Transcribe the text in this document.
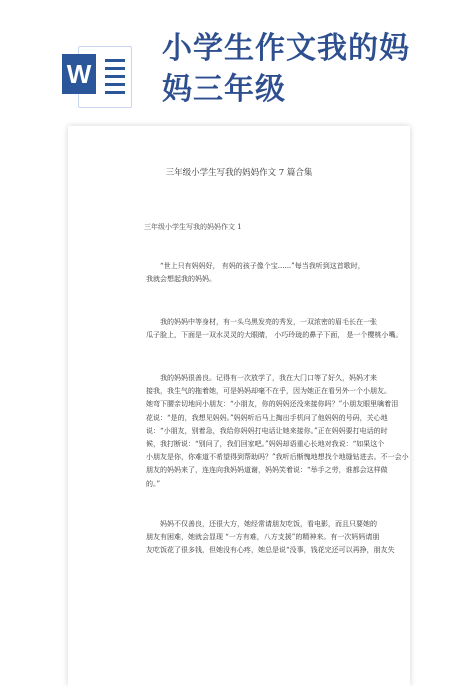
W
小学生作文我的妈
妈三年级
三年级小学生写我的妈妈作文 7 篇合集
三年级小学生写我的妈妈作文 1
“世上只有妈妈好， 有妈的孩子像个宝......”每当我听到这首歌时，
我就会想起我的妈妈。
我的妈妈中等身材，有一头乌黑发亮的秀发，一双浓密的眉毛长在一张
瓜子脸上，下面是一双水灵灵的大眼睛， 小巧玲珑的鼻子下面， 是一个樱桃小嘴。
我的妈妈很善良。记得有一次放学了，我在大门口等了好久，妈妈才来
接我，我生气的拖着她，可是妈妈却毫不在乎，因为她正在看另外一个小朋友。
她弯下腰亲切地问小朋友：“小朋友，你的妈妈还没来接你吗？”小朋友眼里噙着泪
花说：“是的，我想见妈妈。”妈妈听后马上掏出手机问了他妈妈的号码，关心地
说：“小朋友，别着急，我给你妈妈打电话让她来接你。”正在妈妈要打电话的时
候，我打断说：“别问了，我们回家吧。”妈妈却语重心长地对我说：“如果这个
小朋友是你，你难道不希望得到帮助吗？”我听后惭愧地想找个地缝钻进去。不一会小
朋友的妈妈来了，连连向我妈妈道谢，妈妈笑着说：“举手之劳，谁都会这样做
的。”
妈妈不仅善良，还很大方，她经常请朋友吃饭，看电影，而且只要她的
朋友有困难，她就会显现 “一方有难，八方支援”的精神来。有一次妈妈请朋
友吃饭花了很多钱，但她没有心疼，她总是说“没事，钱花完还可以再挣，朋友失
